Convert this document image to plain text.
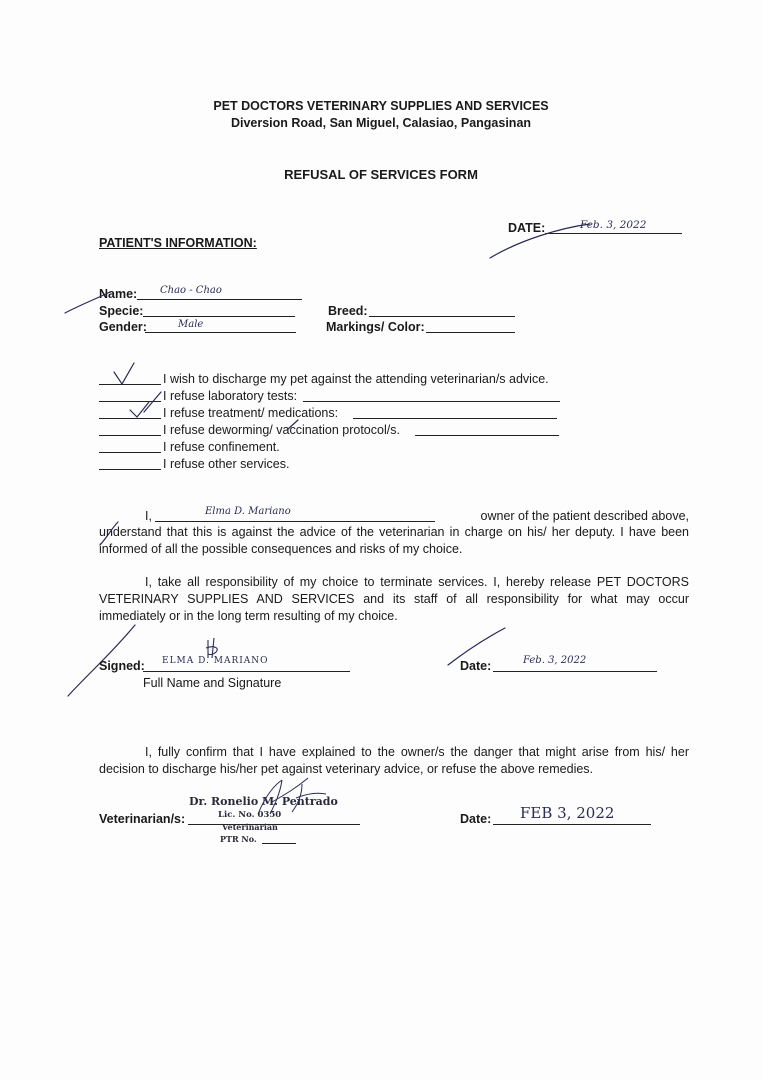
PET DOCTORS VETERINARY SUPPLIES AND SERVICES
Diversion Road, San Miguel, Calasiao, Pangasinan
REFUSAL OF SERVICES FORM
DATE:	Feb. 3, 2022
PATIENT'S INFORMATION:
Name: Chao - Chao
Specie:	Breed:
Gender:	Male	Markings/ Color:
I wish to discharge my pet against the attending veterinarian/s advice.
I refuse laboratory tests:
I refuse treatment/ medications:
I refuse deworming/ vaccination protocol/s.
I refuse confinement.
I refuse other services.
I,	Elma D. Mariano	owner of the patient described above,
understand that this is against the advice of the veterinarian in charge on his/ her deputy. I have been informed of all the possible consequences and risks of my choice.
I, take all responsibility of my choice to terminate services. I, hereby release PET DOCTORS VETERINARY SUPPLIES AND SERVICES and its staff of all responsibility for what may occur immediately or in the long term resulting of my choice.
Signed: ELMA D. MARIANO
Full Name and Signature
Date:	Feb. 3, 2022
I, fully confirm that I have explained to the owner/s the danger that might arise from his/ her decision to discharge his/her pet against veterinary advice, or refuse the above remedies.
Veterinarian/s:
Dr. Ronelio M. Pentrado
Lic. No. 0350
Veterinarian
PTR No.
Date: FEB 3, 2022
